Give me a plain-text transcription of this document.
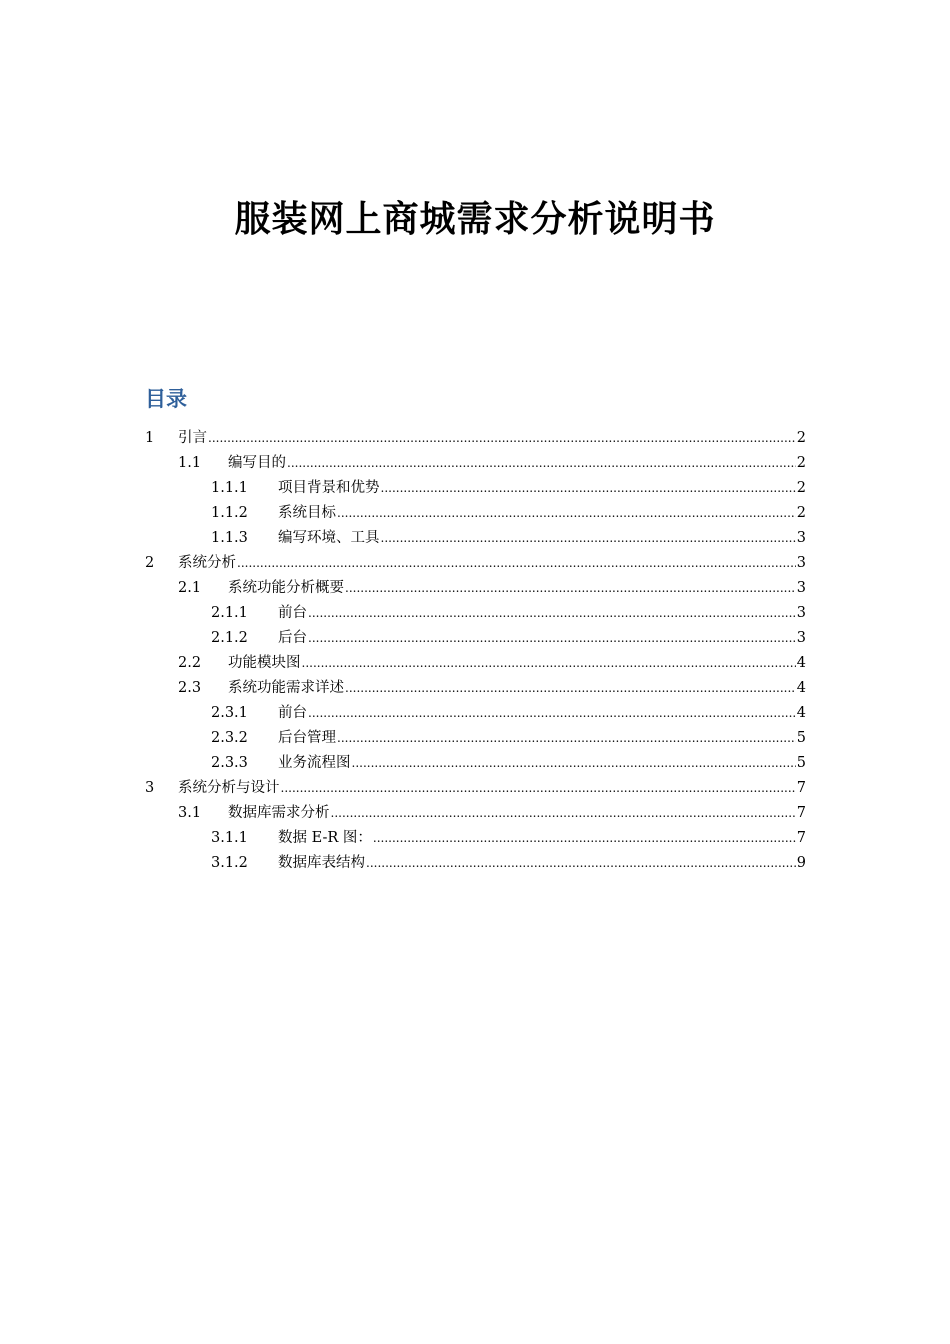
服装网上商城需求分析说明书
目录
1	引言 .....	2
1.1	编写目的 .....	2
1.1.1	项目背景和优势 .....	2
1.1.2	系统目标 .....	2
1.1.3	编写环境、工具 .....	3
2	系统分析 .....	3
2.1	系统功能分析概要 .....	3
2.1.1	前台 .....	3
2.1.2	后台 .....	3
2.2	功能模块图 .....	4
2.3	系统功能需求详述 .....	4
2.3.1	前台 .....	4
2.3.2	后台管理 .....	5
2.3.3	业务流程图 .....	5
3	系统分析与设计 .....	7
3.1	数据库需求分析 .....	7
3.1.1	数据 E-R 图： .....	7
3.1.2	数据库表结构 .....	9
